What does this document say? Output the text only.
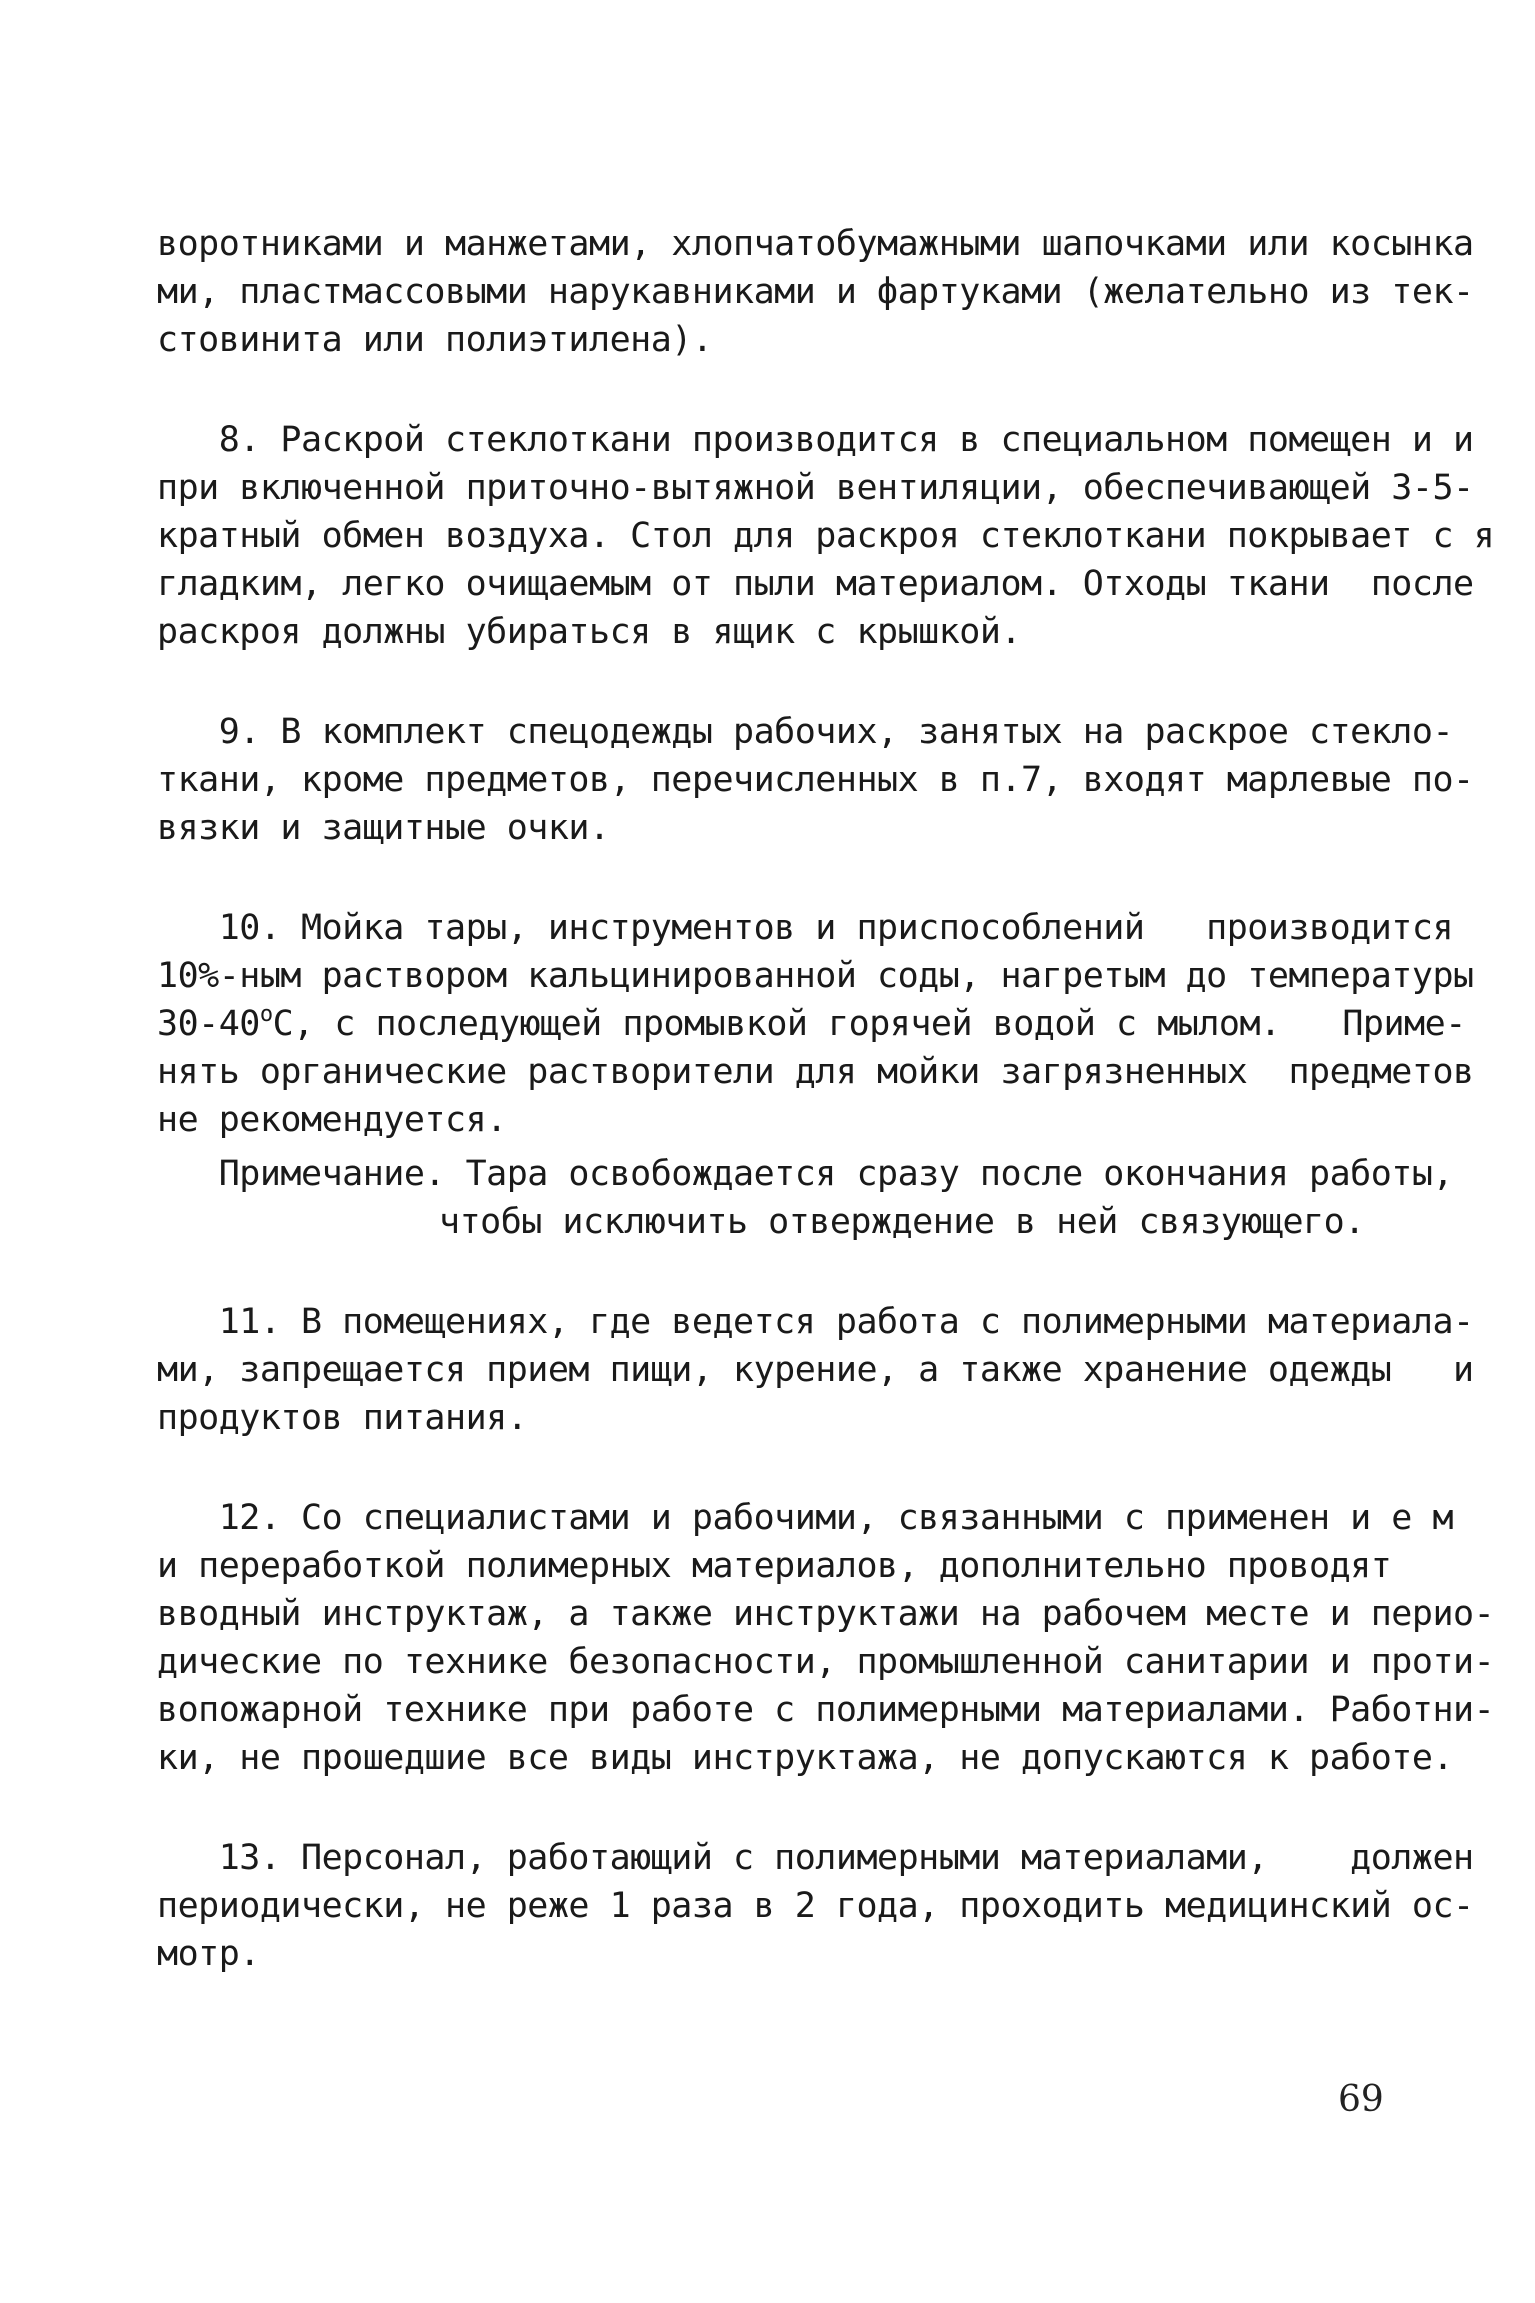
воротниками и манжетами, хлопчатобумажными шапочками или косынка
ми, пластмассовыми нарукавниками и фартуками (желательно из тек-
стовинита или полиэтилена).
8. Раскрой стеклоткани производится в специальном помещен и и
при включенной приточно-вытяжной вентиляции, обеспечивающей 3-5-
кратный обмен воздуха. Стол для раскроя стеклоткани покрывает с я
гладким, легко очищаемым от пыли материалом. Отходы ткани  после
раскроя должны убираться в ящик с крышкой.
9. В комплект спецодежды рабочих, занятых на раскрое стекло-
ткани, кроме предметов, перечисленных в п.7, входят марлевые по-
вязки и защитные очки.
10. Мойка тары, инструментов и приспособлений   производится
10%-ным раствором кальцинированной соды, нагретым до температуры
30-40$^o$С, с последующей промывкой горячей водой с мылом.   Приме-
нять органические растворители для мойки загрязненных  предметов
не рекомендуется.
Примечание. Тара освобождается сразу после окончания работы,
чтобы исключить отверждение в ней связующего.
11. В помещениях, где ведется работа с полимерными материала-
ми, запрещается прием пищи, курение, а также хранение одежды   и
продуктов питания.
12. Со специалистами и рабочими, связанными с применен и е м
и переработкой полимерных материалов, дополнительно проводят
вводный инструктаж, а также инструктажи на рабочем месте и перио-
дические по технике безопасности, промышленной санитарии и проти-
вопожарной технике при работе с полимерными материалами. Работни-
ки, не прошедшие все виды инструктажа, не допускаются к работе.
13. Персонал, работающий с полимерными материалами,    должен
периодически, не реже 1 раза в 2 года, проходить медицинский ос-
мотр.
69
